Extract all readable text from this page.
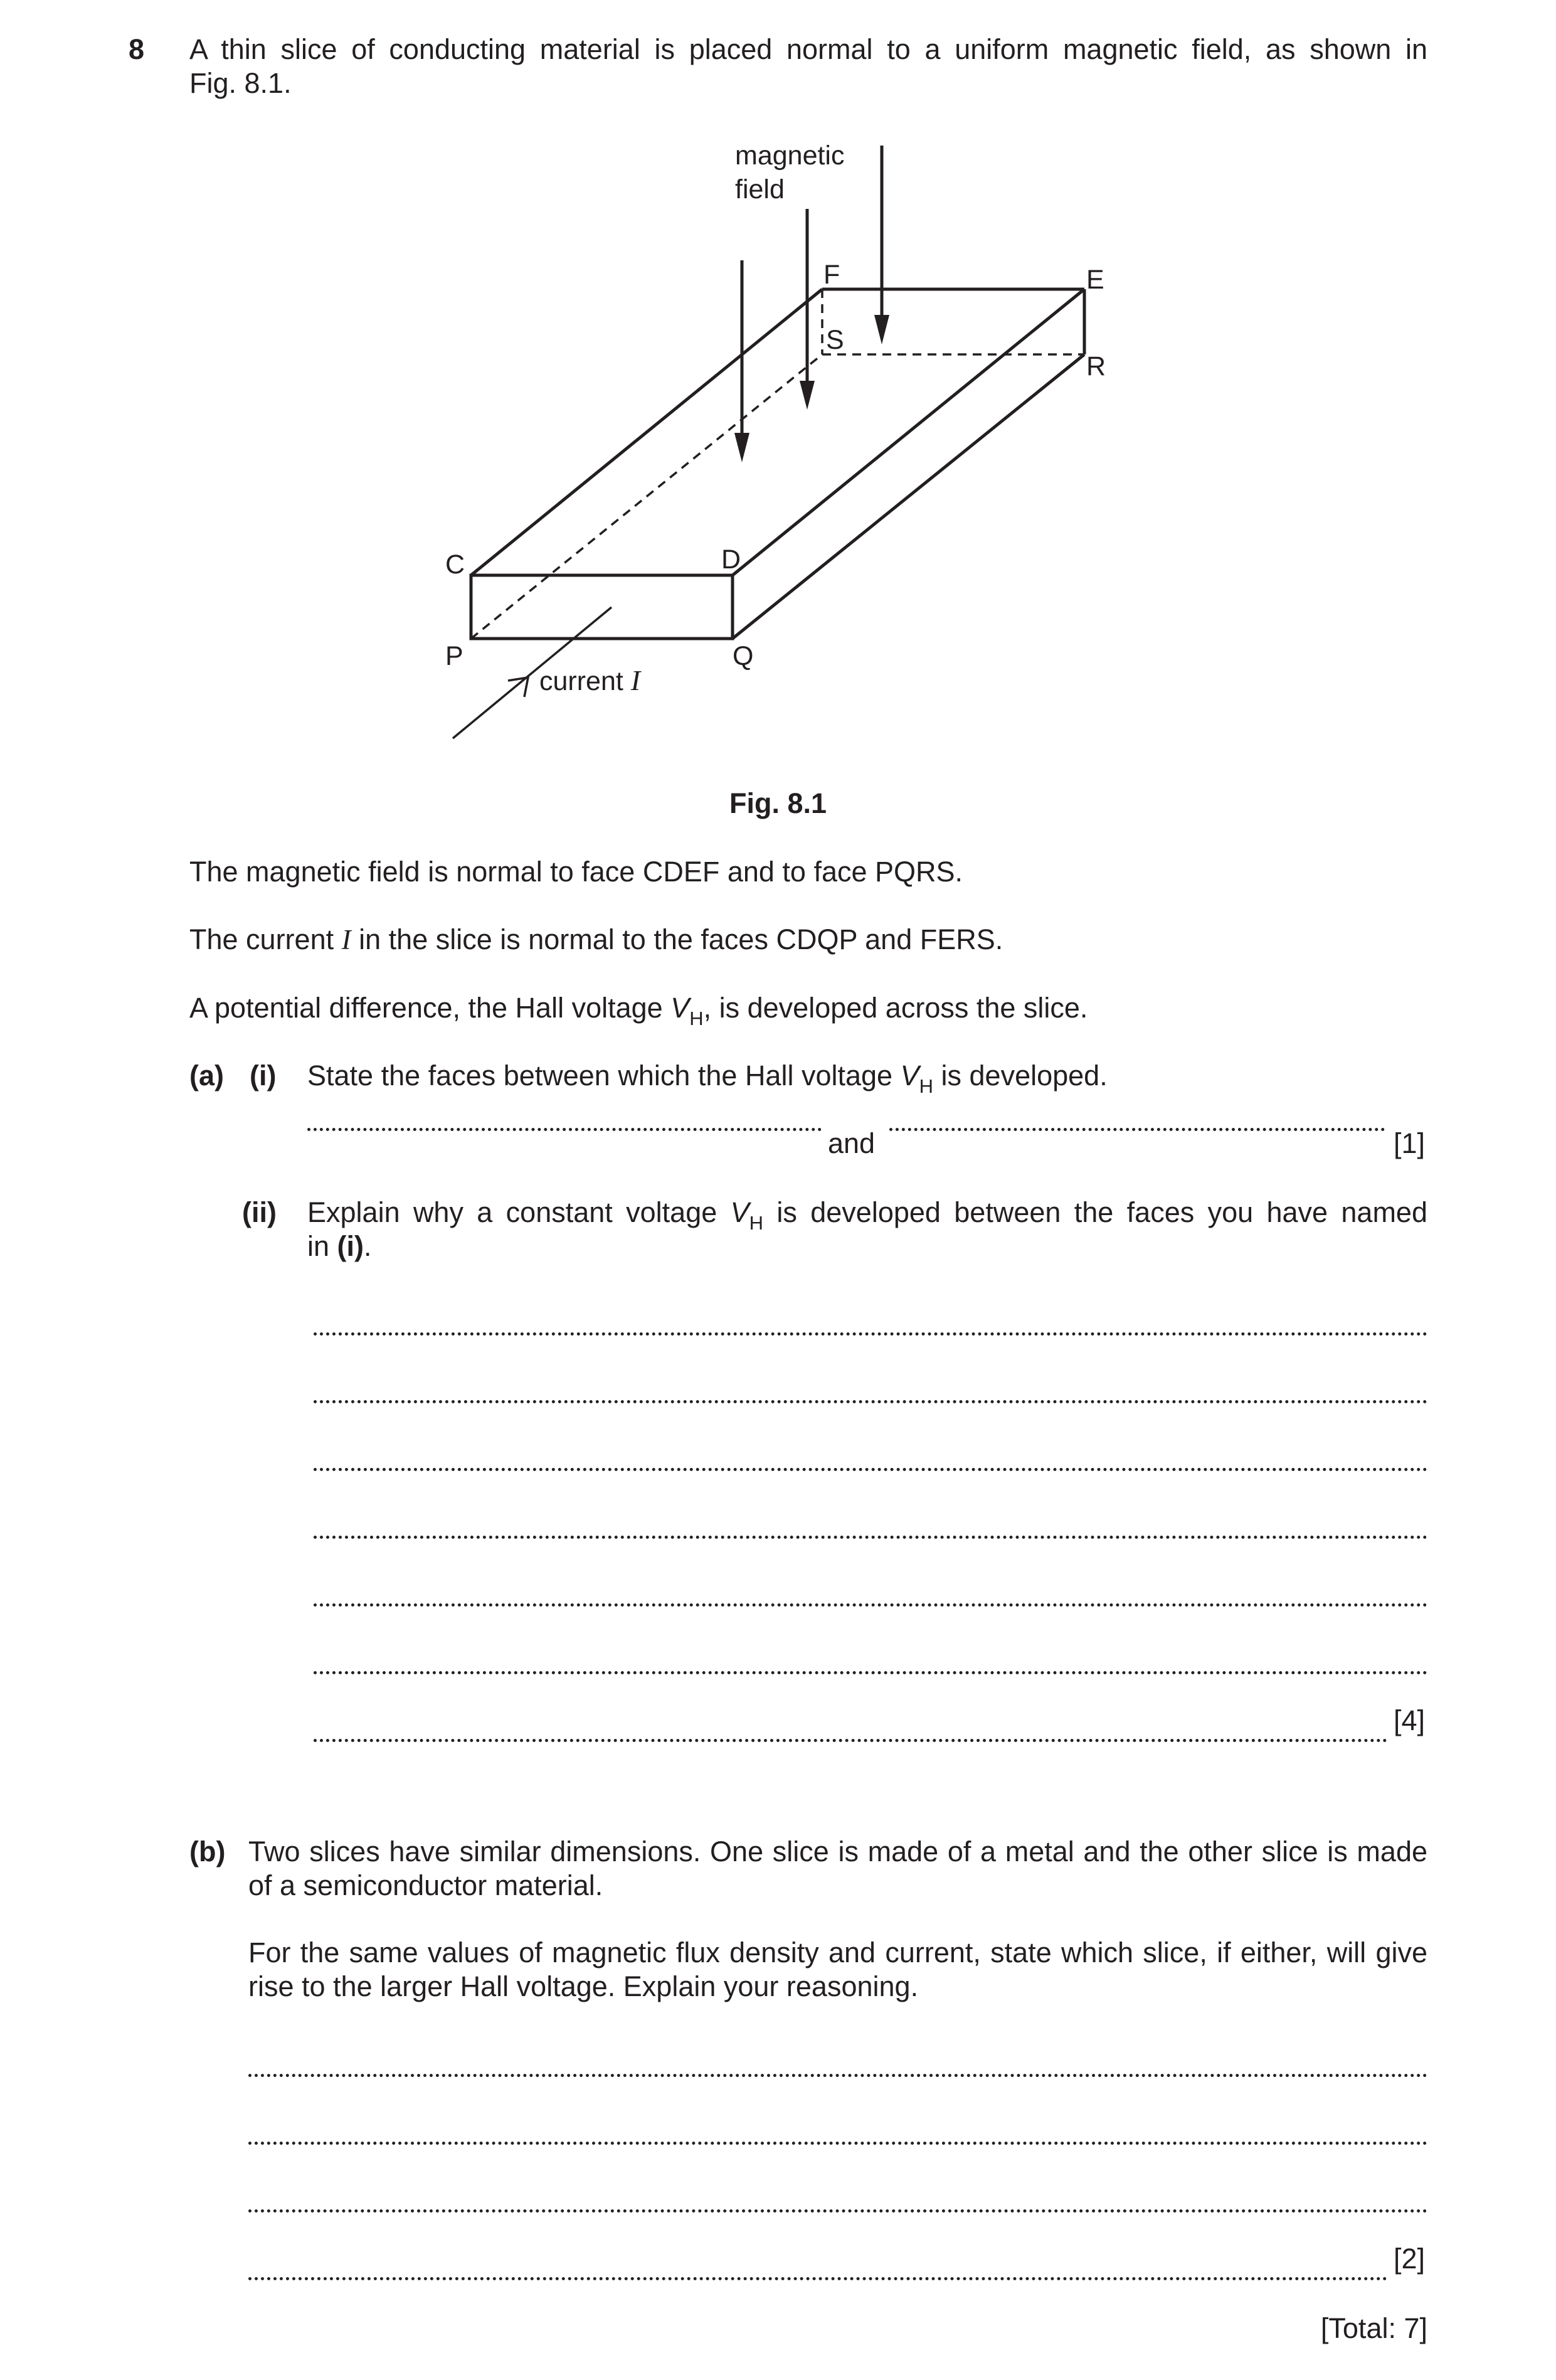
8 A thin slice of conducting material is placed normal to a uniform magnetic field, as shown in
Fig. 8.1.
magnetic
field
F	E
S
R
C	D
P	Q
current I
Fig. 8.1
The magnetic field is normal to face CDEF and to face PQRS.
The current I in the slice is normal to the faces CDQP and FERS.
A potential difference, the Hall voltage $V_H$, is developed across the slice.
(a) (i) State the faces between which the Hall voltage $V_H$ is developed.
and	[1]
(ii) Explain why a constant voltage $V_H$ is developed between the faces you have named
in (i).
[4]
(b) Two slices have similar dimensions. One slice is made of a metal and the other slice is made
of a semiconductor material.
For the same values of magnetic flux density and current, state which slice, if either, will give
rise to the larger Hall voltage. Explain your reasoning.
[2]
[Total: 7]
